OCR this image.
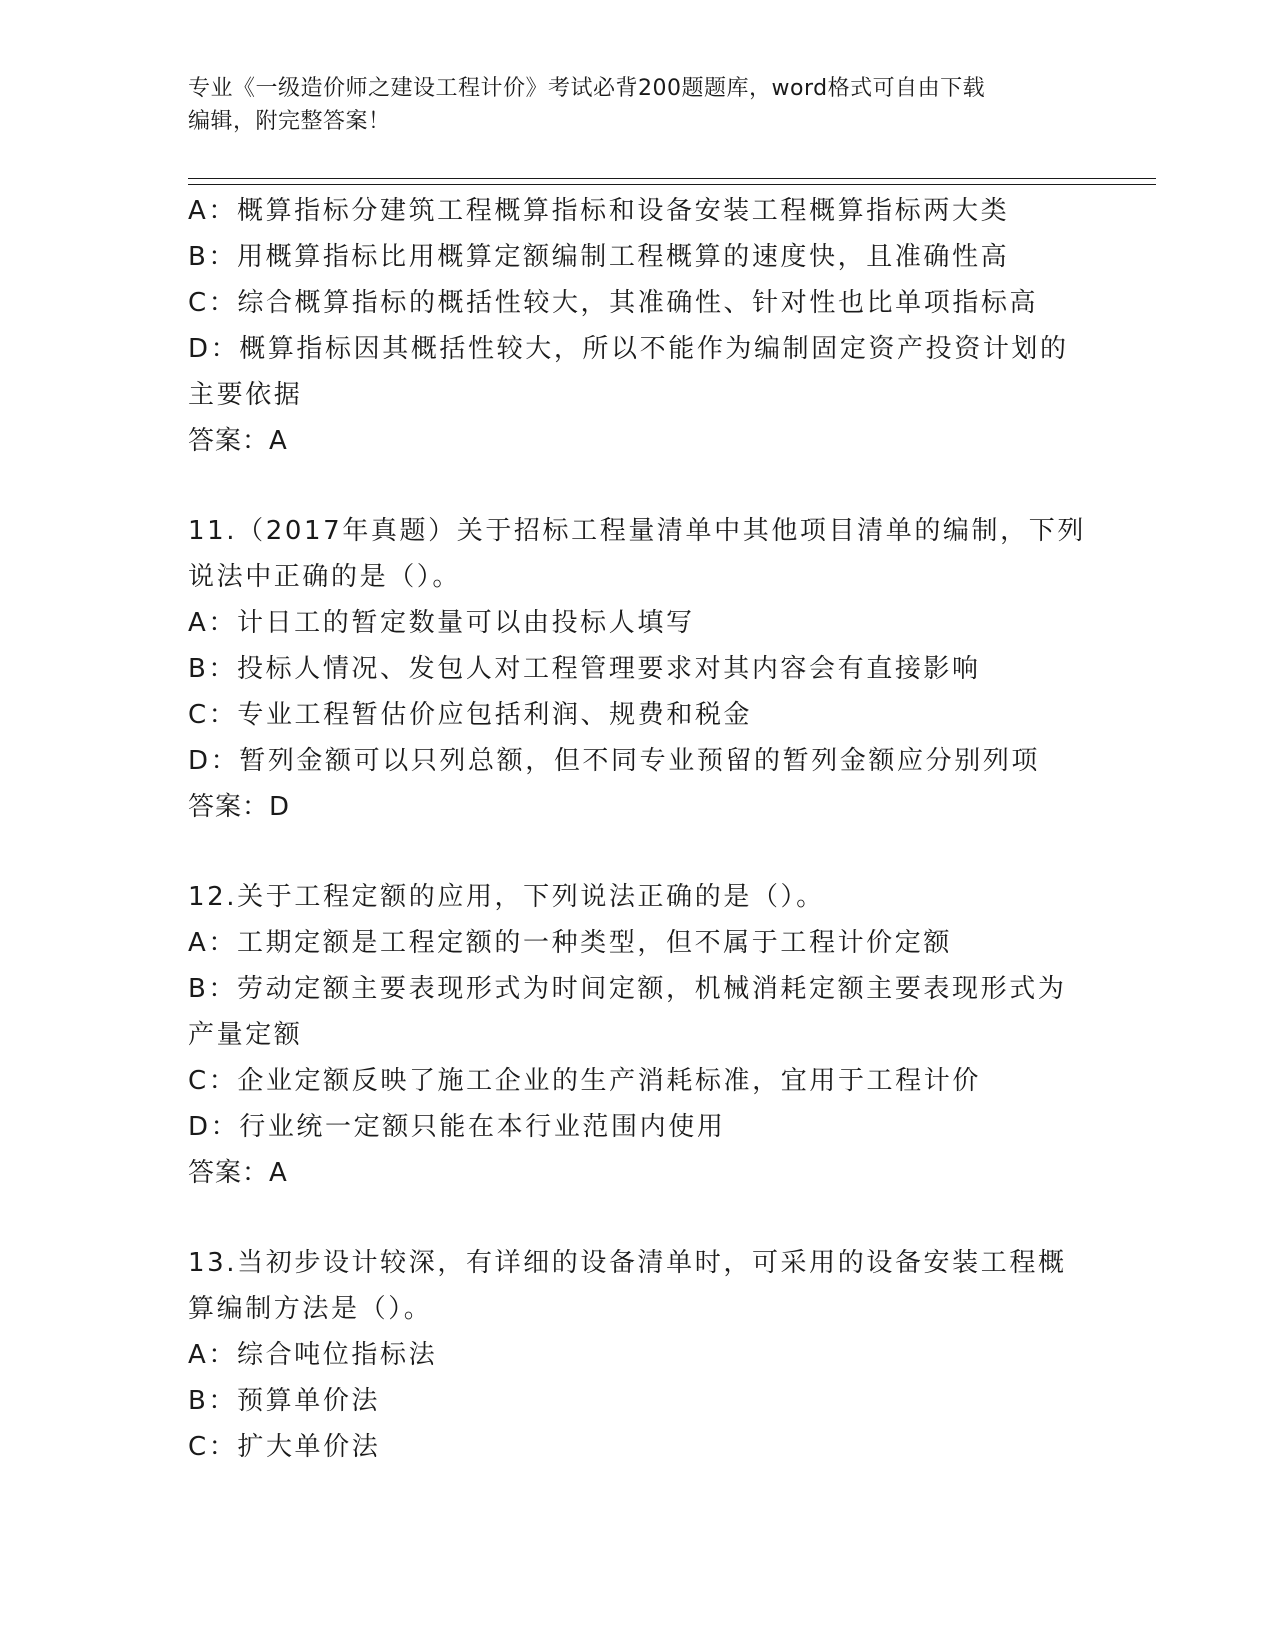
专业《一级造价师之建设工程计价》考试必背200题题库，word格式可自由下载
编辑，附完整答案！

A：概算指标分建筑工程概算指标和设备安装工程概算指标两大类

B：用概算指标比用概算定额编制工程概算的速度快，且准确性高

C：综合概算指标的概括性较大，其准确性、针对性也比单项指标高

D：概算指标因其概括性较大，所以不能作为编制固定资产投资计划的主要依据

答案：A

11.（2017年真题）关于招标工程量清单中其他项目清单的编制，下列说法中正确的是（）。

A：计日工的暂定数量可以由投标人填写

B：投标人情况、发包人对工程管理要求对其内容会有直接影响

C：专业工程暂估价应包括利润、规费和税金

D：暂列金额可以只列总额，但不同专业预留的暂列金额应分别列项

答案：D

12.关于工程定额的应用，下列说法正确的是（）。

A：工期定额是工程定额的一种类型，但不属于工程计价定额

B：劳动定额主要表现形式为时间定额，机械消耗定额主要表现形式为产量定额

C：企业定额反映了施工企业的生产消耗标准，宜用于工程计价

D：行业统一定额只能在本行业范围内使用

答案：A

13.当初步设计较深，有详细的设备清单时，可采用的设备安装工程概算编制方法是（）。

A：综合吨位指标法

B：预算单价法

C：扩大单价法
